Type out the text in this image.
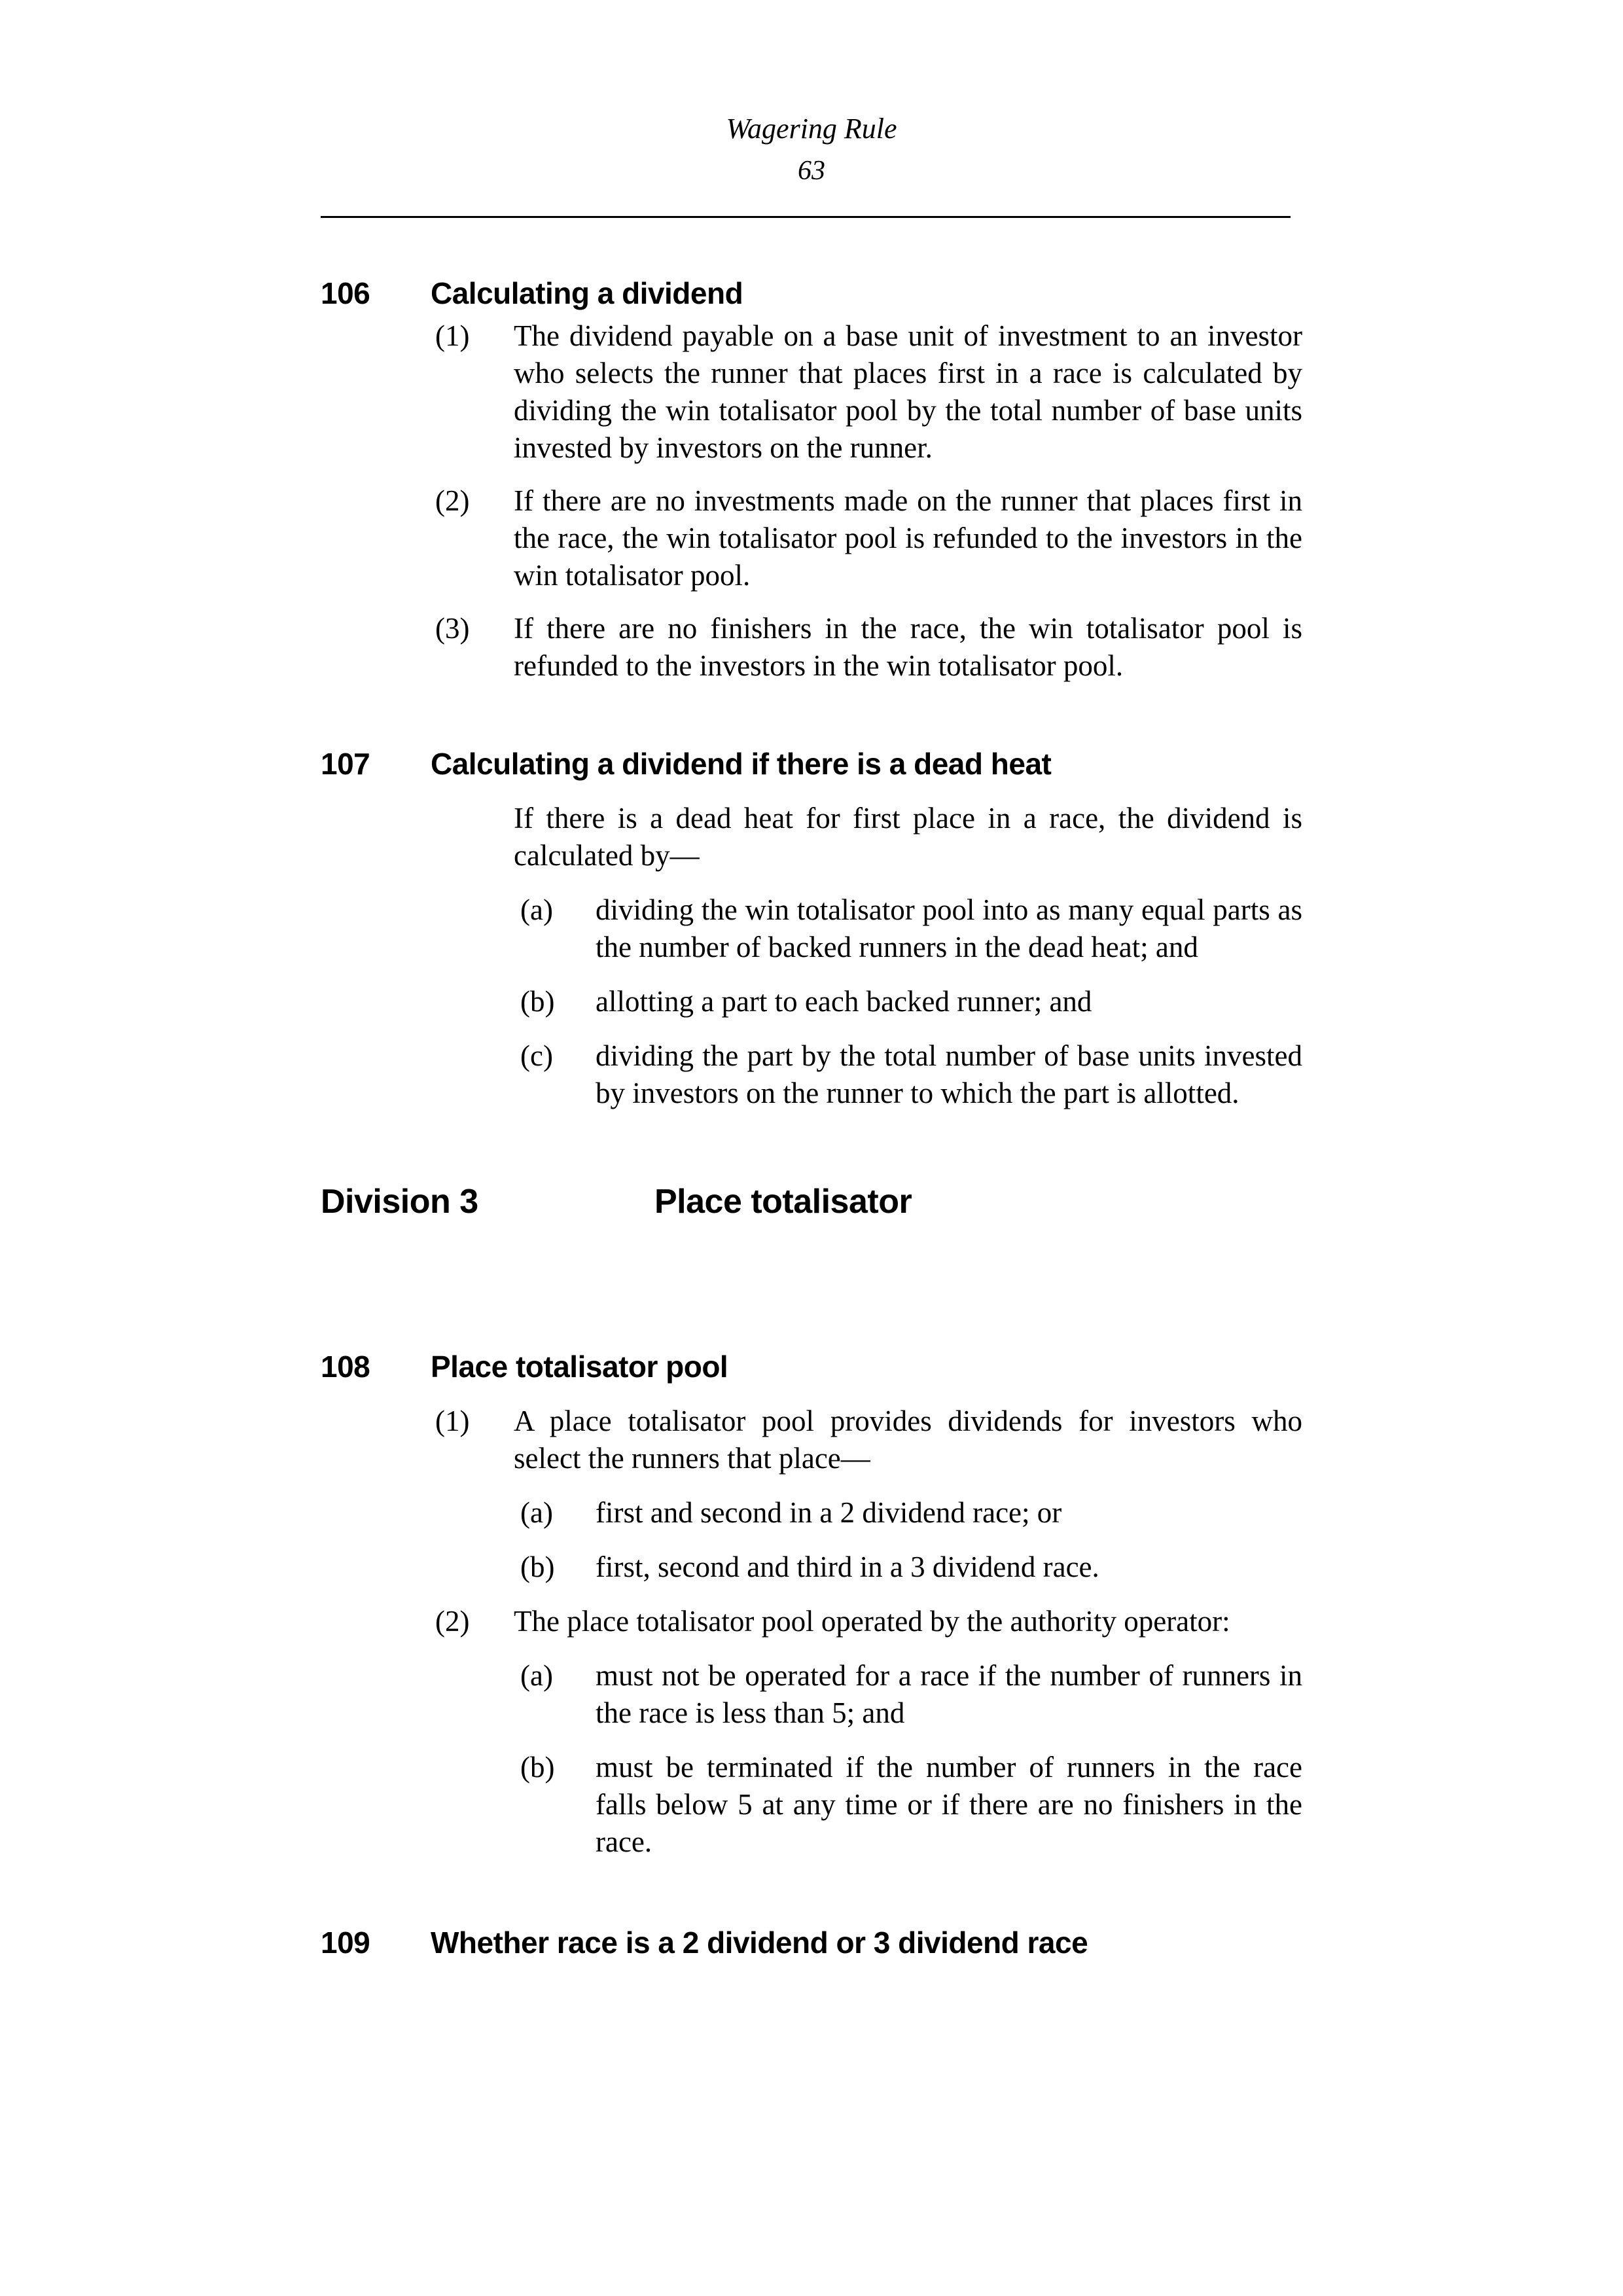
Wagering Rule
63
106	Calculating a dividend
(1)	The dividend payable on a base unit of investment to an investor who selects the runner that places first in a race is calculated by dividing the win totalisator pool by the total number of base units invested by investors on the runner.
(2)	If there are no investments made on the runner that places first in the race, the win totalisator pool is refunded to the investors in the win totalisator pool.
(3)	If there are no finishers in the race, the win totalisator pool is refunded to the investors in the win totalisator pool.
107	Calculating a dividend if there is a dead heat
If there is a dead heat for first place in a race, the dividend is calculated by—
(a)	dividing the win totalisator pool into as many equal parts as the number of backed runners in the dead heat; and
(b)	allotting a part to each backed runner; and
(c)	dividing the part by the total number of base units invested by investors on the runner to which the part is allotted.
Division 3	Place totalisator
108	Place totalisator pool
(1)	A place totalisator pool provides dividends for investors who select the runners that place—
(a)	first and second in a 2 dividend race; or
(b)	first, second and third in a 3 dividend race.
(2)	The place totalisator pool operated by the authority operator:
(a)	must not be operated for a race if the number of runners in the race is less than 5; and
(b)	must be terminated if the number of runners in the race falls below 5 at any time or if there are no finishers in the race.
109	Whether race is a 2 dividend or 3 dividend race
